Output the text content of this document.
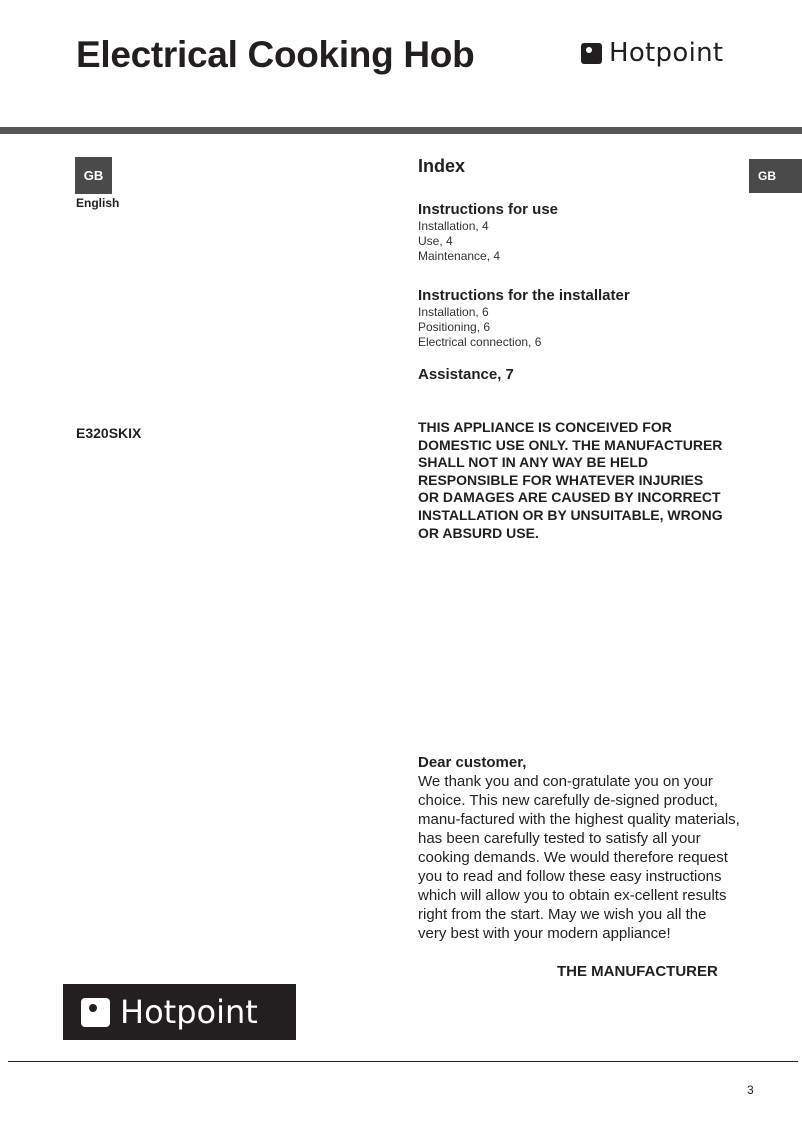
Electrical Cooking Hob	Hotpoint
GB
English
GB
Index
Instructions for use
Installation, 4
Use, 4
Maintenance, 4
Instructions for the installater
Installation, 6
Positioning, 6
Electrical connection, 6
Assistance, 7
E320SKIX	THIS APPLIANCE IS CONCEIVED FOR
DOMESTIC USE ONLY. THE MANUFACTURER
SHALL NOT IN ANY WAY BE HELD
RESPONSIBLE FOR WHATEVER INJURIES
OR DAMAGES ARE CAUSED BY INCORRECT
INSTALLATION OR BY UNSUITABLE, WRONG
OR ABSURD USE.
Dear customer,
We thank you and con-gratulate you on your
choice. This new carefully de-signed product,
manu-factured with the highest quality materials,
has been carefully tested to satisfy all your
cooking demands. We would therefore request
you to read and follow these easy instructions
which will allow you to obtain ex-cellent results
right from the start. May we wish you all the
very best with your modern appliance!
THE MANUFACTURER
Hotpoint
3
